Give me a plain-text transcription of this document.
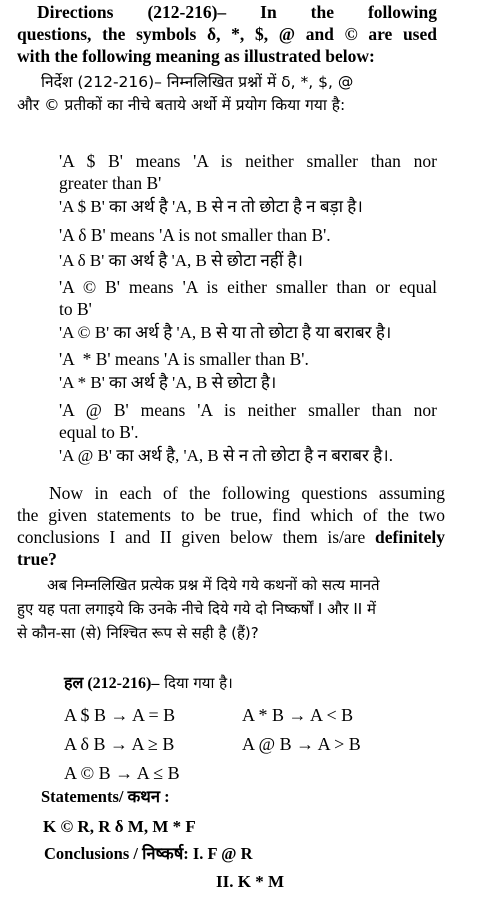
Directions (212-216)– In the following
questions, the symbols δ, *, $, @ and © are used
with the following meaning as illustrated below:
निर्देश (212-216)– निम्नलिखित प्रश्नों में δ, *, $, @
और © प्रतीकों का नीचे बताये अर्थो में प्रयोग किया गया है:
'A $ B' means 'A is neither smaller than nor
greater than B'
'A $ B' का अर्थ है 'A, B से न तो छोटा है न बड़ा है।
'A δ B' means 'A is not smaller than B'.
'A δ B' का अर्थ है 'A, B से छोटा नहीं है।
'A © B' means 'A is either smaller than or equal
to B'
'A © B' का अर्थ है 'A, B से या तो छोटा है या बराबर है।
'A  * B' means 'A is smaller than B'.
'A * B' का अर्थ है 'A, B से छोटा है।
'A @ B' means 'A is neither smaller than nor
equal to B'.
'A @ B' का अर्थ है, 'A, B से न तो छोटा है न बराबर है।.
Now in each of the following questions assuming
the given statements to be true, find which of the two
conclusions I and II given below them is/are definitely
true?
अब निम्नलिखित प्रत्येक प्रश्न में दिये गये कथनों को सत्य मानते
हुए यह पता लगाइये कि उनके नीचे दिये गये दो निष्कर्षों I और II में
से कौन-सा (से) निश्चित रूप से सही है (हैं)?
हल (212-216)– दिया गया है।
A $ B → A = B	A * B → A < B
A δ B → A ≥ B	A @ B → A > B
A © B → A ≤ B
Statements/ कथन :
K © R, R δ M, M * F
Conclusions / निष्कर्ष: I. F @ R
II. K * M
